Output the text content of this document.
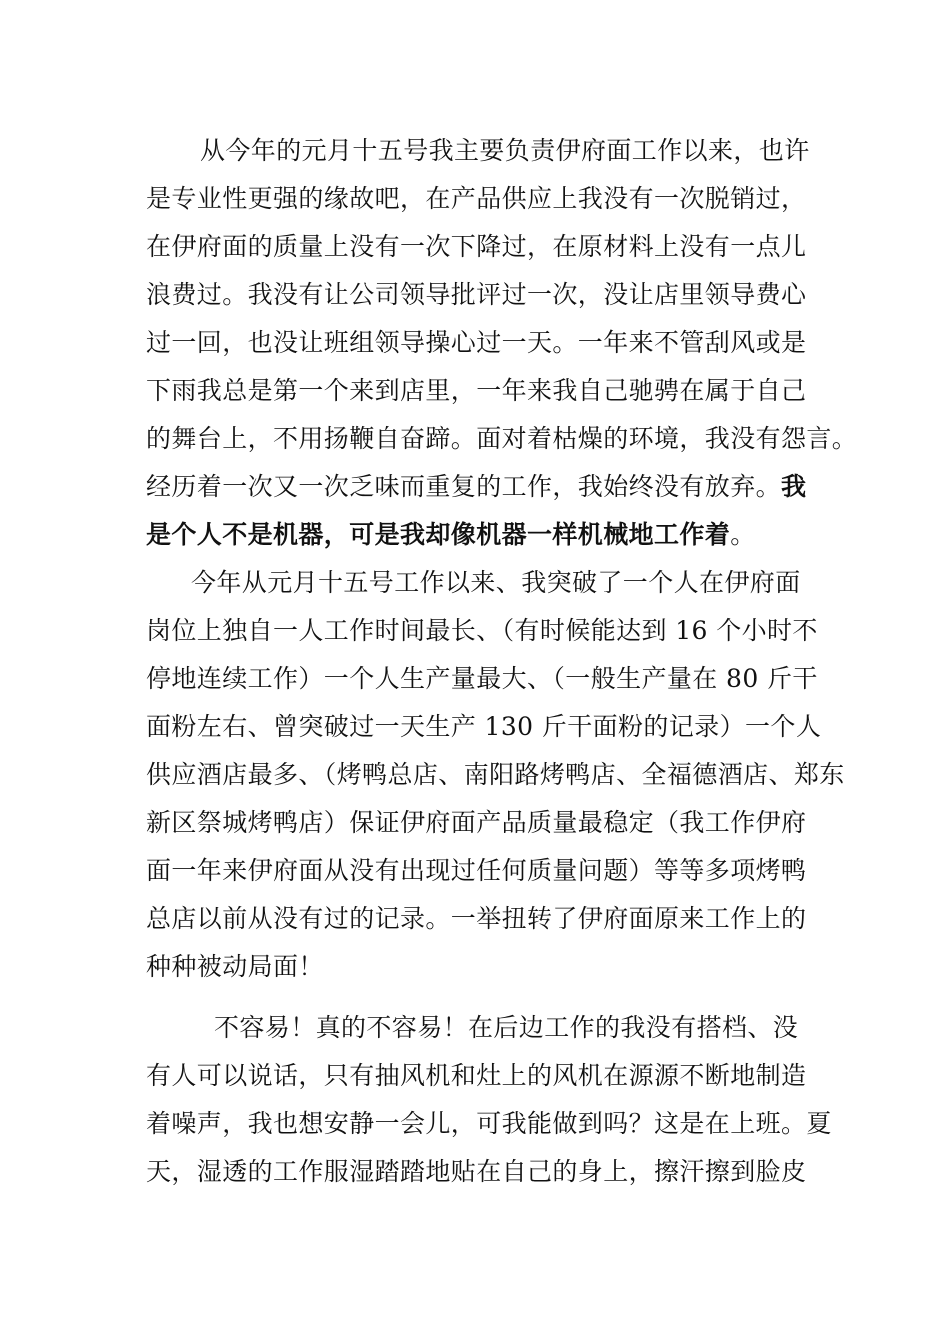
从今年的元月十五号我主要负责伊府面工作以来，也许
是专业性更强的缘故吧，在产品供应上我没有一次脱销过，
在伊府面的质量上没有一次下降过，在原材料上没有一点儿
浪费过。我没有让公司领导批评过一次，没让店里领导费心
过一回，也没让班组领导操心过一天。一年来不管刮风或是
下雨我总是第一个来到店里，一年来我自己驰骋在属于自己
的舞台上，不用扬鞭自奋蹄。面对着枯燥的环境，我没有怨言。
经历着一次又一次乏味而重复的工作，我始终没有放弃。我
是个人不是机器，可是我却像机器一样机械地工作着。
今年从元月十五号工作以来、我突破了一个人在伊府面
岗位上独自一人工作时间最长、（有时候能达到 16 个小时不
停地连续工作）一个人生产量最大、（一般生产量在 80 斤干
面粉左右、曾突破过一天生产 130 斤干面粉的记录）一个人
供应酒店最多、（烤鸭总店、南阳路烤鸭店、全福德酒店、郑东
新区祭城烤鸭店）保证伊府面产品质量最稳定（我工作伊府
面一年来伊府面从没有出现过任何质量问题）等等多项烤鸭
总店以前从没有过的记录。一举扭转了伊府面原来工作上的
种种被动局面！
不容易！真的不容易！在后边工作的我没有搭档、没
有人可以说话，只有抽风机和灶上的风机在源源不断地制造
着噪声，我也想安静一会儿，可我能做到吗？这是在上班。夏
天，湿透的工作服湿踏踏地贴在自己的身上，擦汗擦到脸皮
